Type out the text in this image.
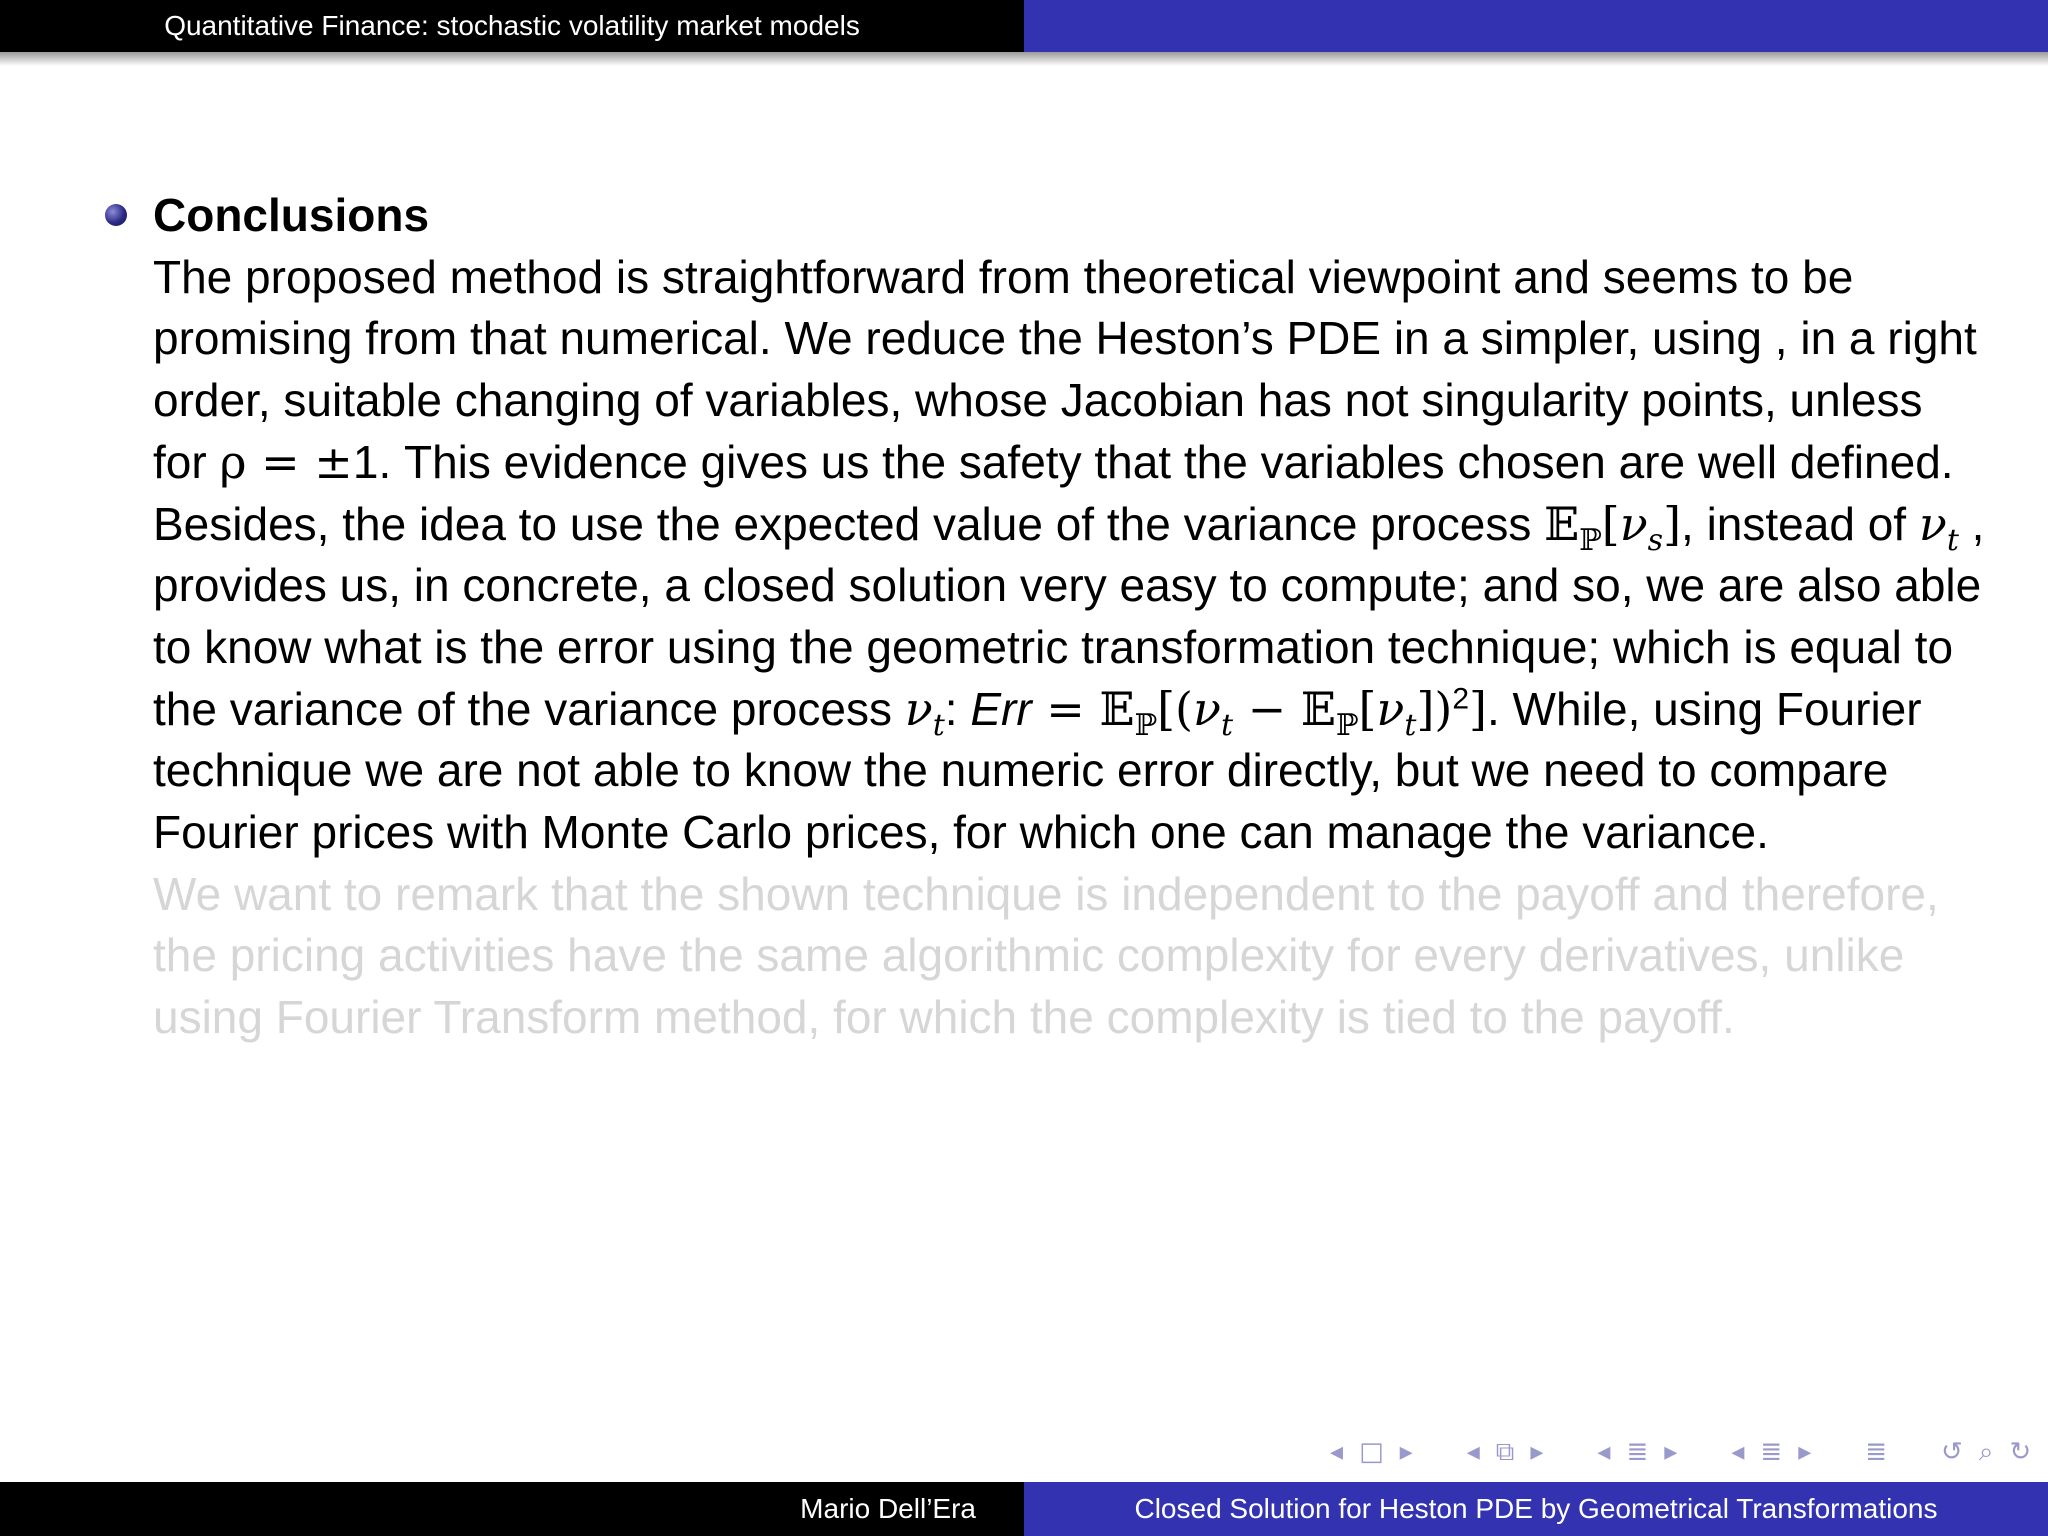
Quantitative Finance: stochastic volatility market models
Conclusions

The proposed method is straightforward from theoretical viewpoint and seems to be promising from that numerical. We reduce the Heston’s PDE in a simpler, using , in a right order, suitable changing of variables, whose Jacobian has not singularity points, unless for ρ = ±1. This evidence gives us the safety that the variables chosen are well defined.

Besides, the idea to use the expected value of the variance process $𝔼_ℙ[\nu_s]$, instead of $\nu_t$ , provides us, in concrete, a closed solution very easy to compute; and so, we are also able to know what is the error using the geometric transformation technique; which is equal to the variance of the variance process $\nu_t$: Err = $𝔼_ℙ[(\nu_t$ − $𝔼_ℙ[\nu_t])^2$]. While, using Fourier technique we are not able to know the numeric error directly, but we need to compare Fourier prices with Monte Carlo prices, for which one can manage the variance.

We want to remark that the shown technique is independent to the payoff and therefore, the pricing activities have the same algorithmic complexity for every derivatives, unlike using Fourier Transform method, for which the complexity is tied to the payoff.

◂ □ ▸ ◂ ⧉ ▸ ◂ ≣ ▸ ◂ ≣ ▸ ≣ ↺ ⌕ ↻
Mario Dell’Era	Closed Solution for Heston PDE by Geometrical Transformations
